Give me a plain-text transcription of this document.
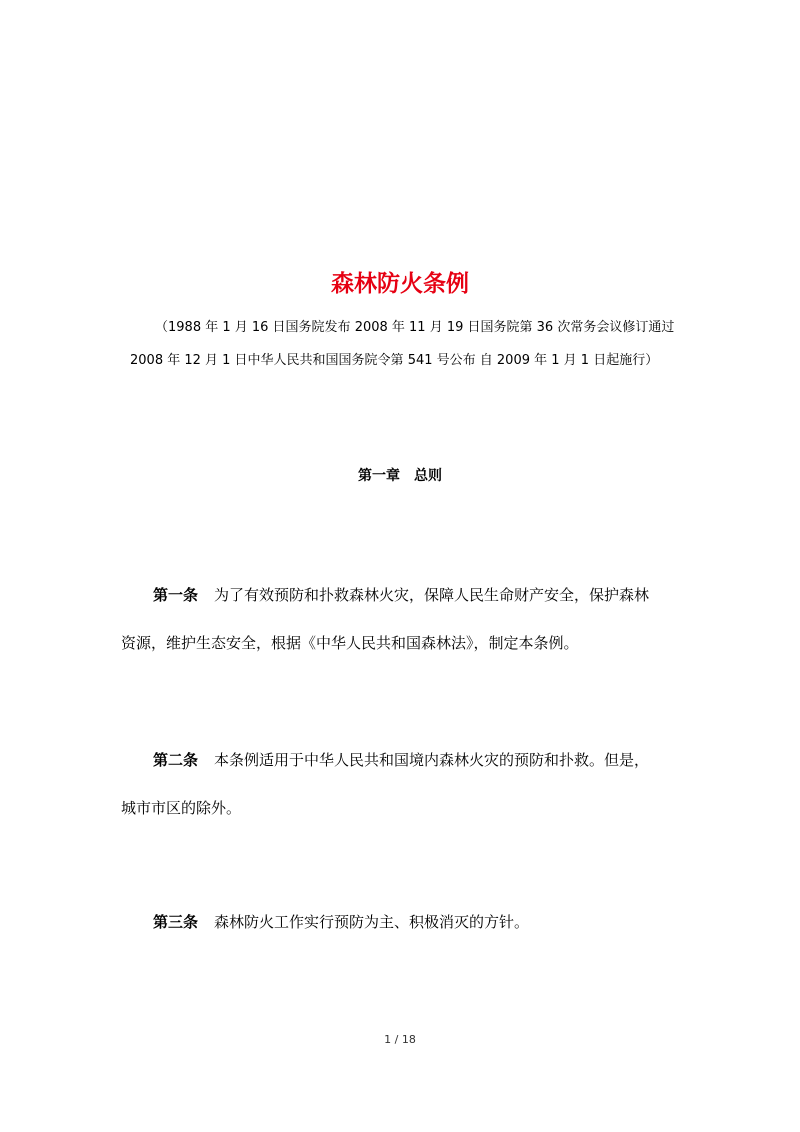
森林防火条例
（1988 年 1 月 16 日国务院发布 2008 年 11 月 19 日国务院第 36 次常务会议修订通过
2008 年 12 月 1 日中华人民共和国国务院令第 541 号公布 自 2009 年 1 月 1 日起施行）
第一章　总则
第一条 为了有效预防和扑救森林火灾，保障人民生命财产安全，保护森林
资源，维护生态安全，根据《中华人民共和国森林法》，制定本条例。
第二条 本条例适用于中华人民共和国境内森林火灾的预防和扑救。但是，
城市市区的除外。
第三条 森林防火工作实行预防为主、积极消灭的方针。
1 / 18
